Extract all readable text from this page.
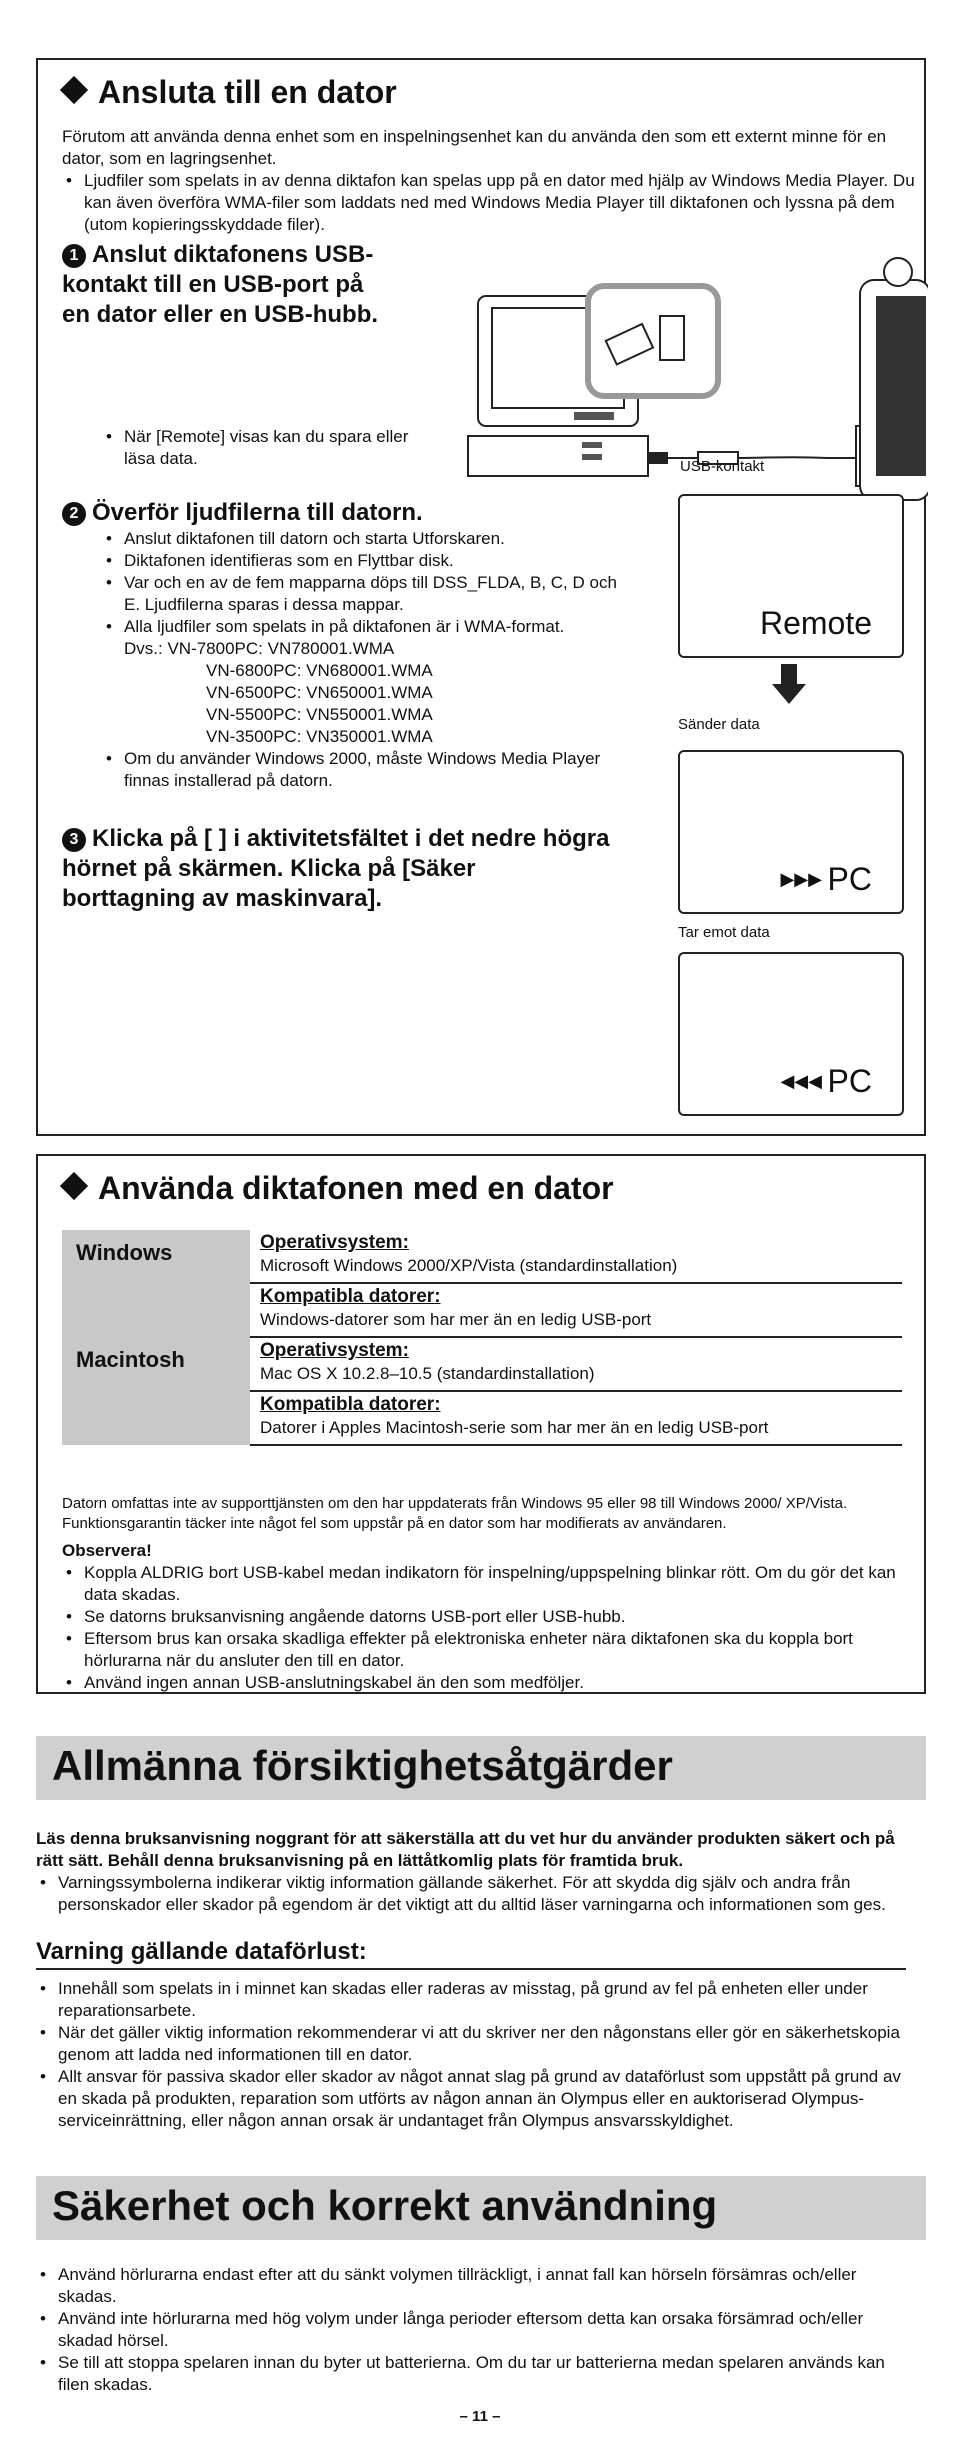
Ansluta till en dator
Förutom att använda denna enhet som en inspelningsenhet kan du använda den som ett externt minne för en dator, som en lagringsenhet.
• Ljudfiler som spelats in av denna diktafon kan spelas upp på en dator med hjälp av Windows Media Player. Du kan även överföra WMA-filer som laddats ned med Windows Media Player till diktafonen och lyssna på dem (utom kopieringsskyddade filer).
1 Anslut diktafonens USB-kontakt till en USB-port på en dator eller en USB-hubb.
• När [Remote] visas kan du spara eller läsa data.	USB-kontakt
2 Överför ljudfilerna till datorn.
• Anslut diktafonen till datorn och starta Utforskaren.
• Diktafonen identifieras som en Flyttbar disk.
• Var och en av de fem mapparna döps till DSS_FLDA, B, C, D och E. Ljudfilerna sparas i dessa mappar.
• Alla ljudfiler som spelats in på diktafonen är i WMA-format.
Dvs.: VN-7800PC: VN780001.WMA
VN-6800PC: VN680001.WMA
VN-6500PC: VN650001.WMA
VN-5500PC: VN550001.WMA
VN-3500PC: VN350001.WMA
• Om du använder Windows 2000, måste Windows Media Player finnas installerad på datorn.
3 Klicka på [ ] i aktivitetsfältet i det nedre högra hörnet på skärmen. Klicka på [Säker borttagning av maskinvara].
Remote
Sänder data
▶▶▶ PC
Tar emot data
◀◀◀ PC
Använda diktafonen med en dator
Windows	Operativsystem:
	Microsoft Windows 2000/XP/Vista (standardinstallation)
	Kompatibla datorer:
	Windows-datorer som har mer än en ledig USB-port
Macintosh	Operativsystem:
	Mac OS X 10.2.8–10.5 (standardinstallation)
	Kompatibla datorer:
	Datorer i Apples Macintosh-serie som har mer än en ledig USB-port
Datorn omfattas inte av supporttjänsten om den har uppdaterats från Windows 95 eller 98 till Windows 2000/ XP/Vista. Funktionsgarantin täcker inte något fel som uppstår på en dator som har modifierats av användaren.
Observera!
• Koppla ALDRIG bort USB-kabel medan indikatorn för inspelning/uppspelning blinkar rött. Om du gör det kan data skadas.
• Se datorns bruksanvisning angående datorns USB-port eller USB-hubb.
• Eftersom brus kan orsaka skadliga effekter på elektroniska enheter nära diktafonen ska du koppla bort hörlurarna när du ansluter den till en dator.
• Använd ingen annan USB-anslutningskabel än den som medföljer.
Allmänna försiktighetsåtgärder
Läs denna bruksanvisning noggrant för att säkerställa att du vet hur du använder produkten säkert och på rätt sätt. Behåll denna bruksanvisning på en lättåtkomlig plats för framtida bruk.
• Varningssymbolerna indikerar viktig information gällande säkerhet. För att skydda dig själv och andra från personskador eller skador på egendom är det viktigt att du alltid läser varningarna och informationen som ges.
Varning gällande dataförlust:
• Innehåll som spelats in i minnet kan skadas eller raderas av misstag, på grund av fel på enheten eller under reparationsarbete.
• När det gäller viktig information rekommenderar vi att du skriver ner den någonstans eller gör en säkerhetskopia genom att ladda ned informationen till en dator.
• Allt ansvar för passiva skador eller skador av något annat slag på grund av dataförlust som uppstått på grund av en skada på produkten, reparation som utförts av någon annan än Olympus eller en auktoriserad Olympus-serviceinrättning, eller någon annan orsak är undantaget från Olympus ansvarsskyldighet.
Säkerhet och korrekt användning
• Använd hörlurarna endast efter att du sänkt volymen tillräckligt, i annat fall kan hörseln försämras och/eller skadas.
• Använd inte hörlurarna med hög volym under långa perioder eftersom detta kan orsaka försämrad och/eller skadad hörsel.
• Se till att stoppa spelaren innan du byter ut batterierna. Om du tar ur batterierna medan spelaren används kan filen skadas.
– 11 –
